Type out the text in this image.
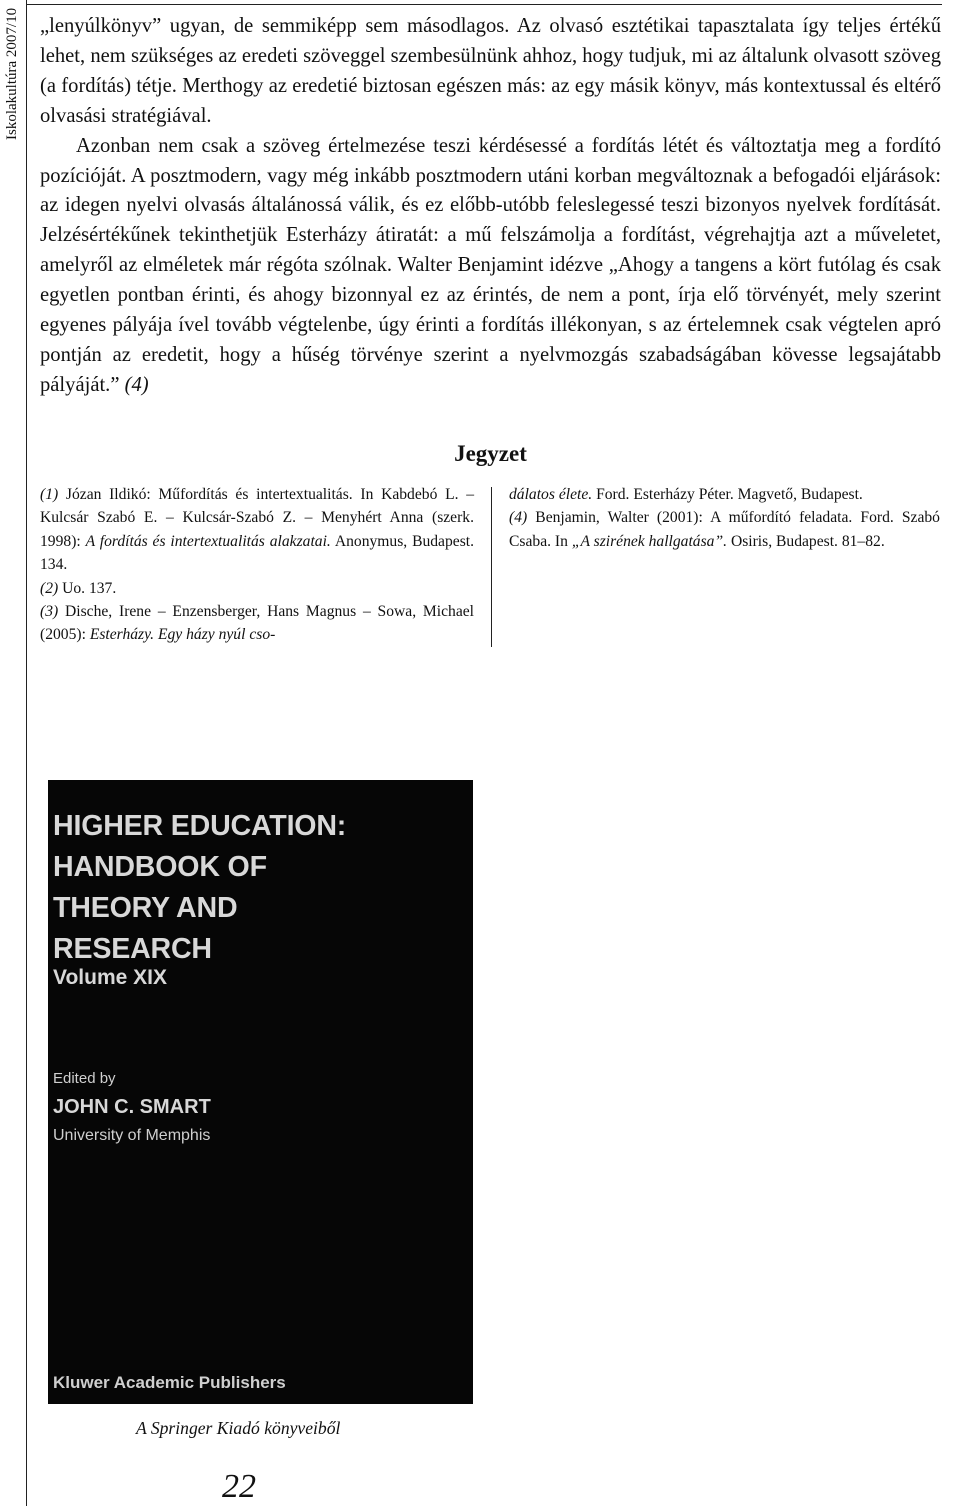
Iskolakultúra 2007/10 „lenyúlkönyv” ugyan, de semmiképp sem másodlagos. Az olvasó esztétikai tapasztalata így teljes értékű lehet, nem szükséges az eredeti szöveggel szembesülnünk ahhoz, hogy tudjuk, mi az általunk olvasott szöveg (a fordítás) tétje. Merthogy az eredetié biztosan egészen más: az egy másik könyv, más kontextussal és eltérő olvasási stratégiával.

Azonban nem csak a szöveg értelmezése teszi kérdésessé a fordítás létét és változtatja meg a fordító pozícióját. A posztmodern, vagy még inkább posztmodern utáni korban megváltoznak a befogadói eljárások: az idegen nyelvi olvasás általánossá válik, és ez előbb-utóbb feleslegessé teszi bizonyos nyelvek fordítását. Jelzésértékűnek tekinthetjük Esterházy átiratát: a mű felszámolja a fordítást, végrehajtja azt a műveletet, amelyről az elméletek már régóta szólnak. Walter Benjamint idézve „Ahogy a tangens a kört futólag és csak egyetlen pontban érinti, és ahogy bizonnyal ez az érintés, de nem a pont, írja elő törvényét, mely szerint egyenes pályája ível tovább végtelenbe, úgy érinti a fordítás illékonyan, s az értelemnek csak végtelen apró pontján az eredetit, hogy a hűség törvénye szerint a nyelvmozgás szabadságában kövesse legsajátabb pályáját.” (4)

Jegyzet

(1) Józan Ildikó: Műfordítás és intertextualitás. In Kabdebó L. – Kulcsár Szabó E. – Kulcsár-Szabó Z. – Menyhért Anna (szerk. 1998): A fordítás és intertextualitás alakzatai. Anonymus, Budapest. 134.

(2) Uo. 137.

(3) Dische, Irene – Enzensberger, Hans Magnus – Sowa, Michael (2005): Esterházy. Egy házy nyúl cso-

dálatos élete. Ford. Esterházy Péter. Magvető, Budapest.

(4) Benjamin, Walter (2001): A műfordító feladata. Ford. Szabó Csaba. In „A szirének hallgatása”. Osiris, Budapest. 81–82.

HIGHER EDUCATION:
HANDBOOK OF
THEORY AND
RESEARCH
Volume XIX
Edited by
JOHN C. SMART
University of Memphis
Kluwer Academic Publishers
A Springer Kiadó könyveiből
22
